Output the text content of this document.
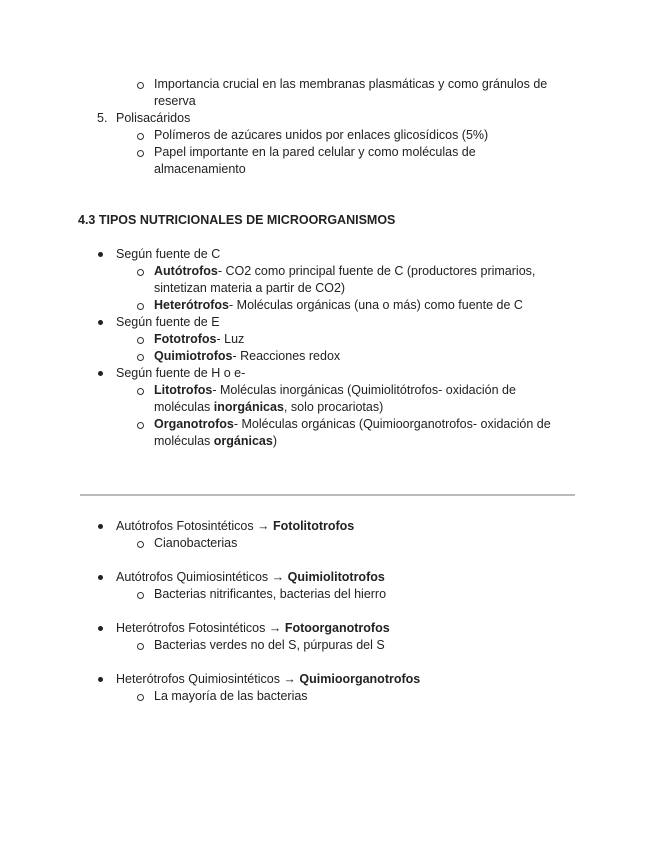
Importancia crucial en las membranas plasmáticas y como gránulos de
reserva
5. Polisacáridos
Polímeros de azúcares unidos por enlaces glicosídicos (5%)
Papel importante en la pared celular y como moléculas de
almacenamiento
4.3 TIPOS NUTRICIONALES DE MICROORGANISMOS
Según fuente de C
Autótrofos- CO2 como principal fuente de C (productores primarios,
sintetizan materia a partir de CO2)
Heterótrofos- Moléculas orgánicas (una o más) como fuente de C
Según fuente de E
Fototrofos- Luz
Quimiotrofos- Reacciones redox
Según fuente de H o e-
Litotrofos- Moléculas inorgánicas (Quimiolitótrofos- oxidación de
moléculas inorgánicas, solo procariotas)
Organotrofos- Moléculas orgánicas (Quimioorganotrofos- oxidación de
moléculas orgánicas)
Autótrofos Fotosintéticos → Fotolitotrofos
Cianobacterias
Autótrofos Quimiosintéticos → Quimiolitotrofos
Bacterias nitrificantes, bacterias del hierro
Heterótrofos Fotosintéticos → Fotoorganotrofos
Bacterias verdes no del S, púrpuras del S
Heterótrofos Quimiosintéticos → Quimioorganotrofos
La mayoría de las bacterias
